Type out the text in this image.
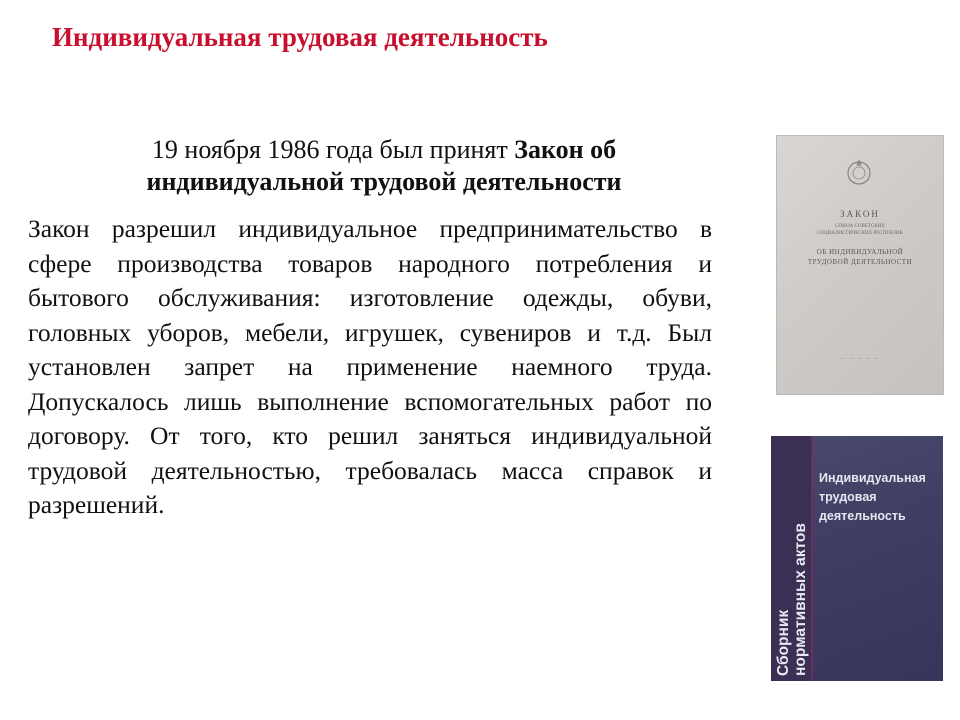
Индивидуальная трудовая деятельность

19 ноября 1986 года был принят Закон об индивидуальной трудовой деятельности

Закон разрешил индивидуальное предпринимательство в сфере производства товаров народного потребления и бытового обслуживания: изготовление одежды, обуви, головных уборов, мебели, игрушек, сувениров и т.д. Был установлен запрет на применение наемного труда. Допускалось лишь выполнение вспомогательных работ по договору. От того, кто решил заняться индивидуальной трудовой деятельностью, требовалась масса справок и разрешений.

ЗАКОН
СОЮЗА СОВЕТСКИХ
СОЦИАЛИСТИЧЕСКИХ РЕСПУБЛИК
ОБ ИНДИВИДУАЛЬНОЙ
ТРУДОВОЙ ДЕЯТЕЛЬНОСТИ
— — — — —
Сборник нормативных актов
Индивидуальная
трудовая
деятельность
